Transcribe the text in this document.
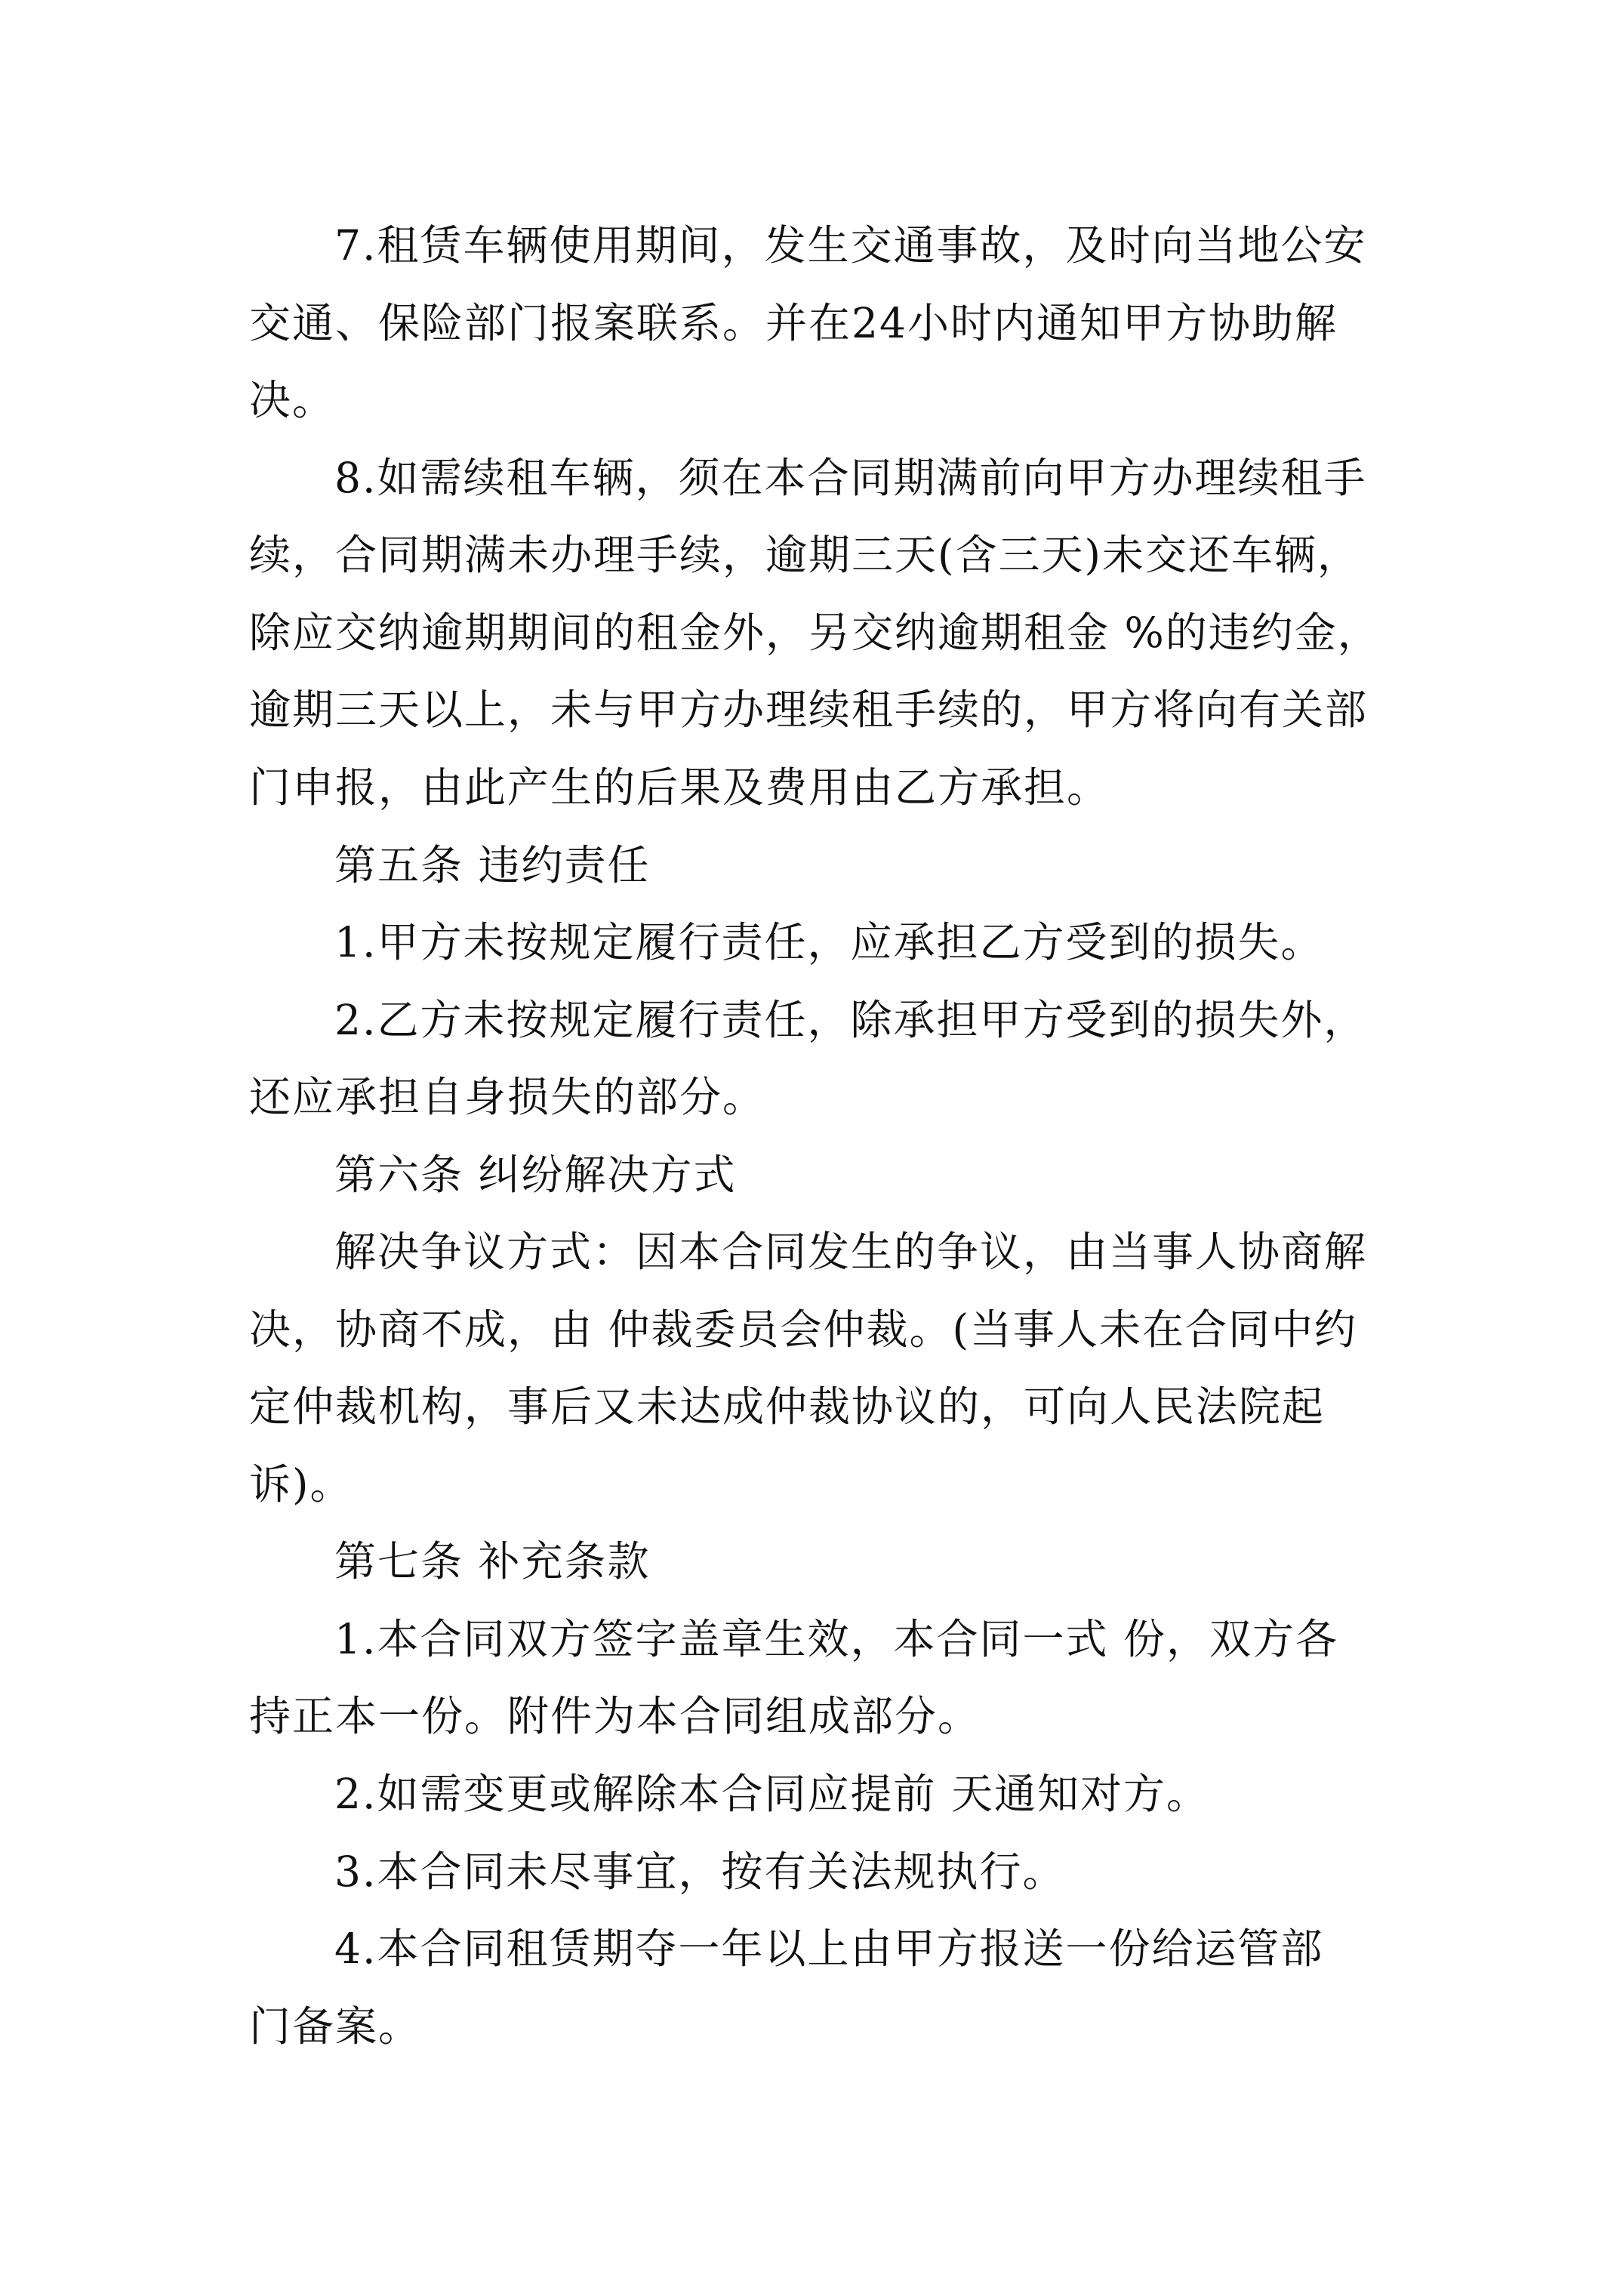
7.租赁车辆使用期间，发生交通事故，及时向当地公安
交通、保险部门报案联系。并在24小时内通知甲方协助解
决。
8.如需续租车辆，须在本合同期满前向甲方办理续租手
续，合同期满未办理手续，逾期三天(含三天)未交还车辆，
除应交纳逾期期间的租金外，另交纳逾期租金 %的违约金，
逾期三天以上，未与甲方办理续租手续的，甲方将向有关部
门申报，由此产生的后果及费用由乙方承担。
第五条 违约责任
1.甲方未按规定履行责任，应承担乙方受到的损失。
2.乙方未按规定履行责任，除承担甲方受到的损失外，
还应承担自身损失的部分。
第六条 纠纷解决方式
解决争议方式：因本合同发生的争议，由当事人协商解
决，协商不成，由 仲裁委员会仲裁。(当事人未在合同中约
定仲裁机构，事后又未达成仲裁协议的，可向人民法院起
诉)。
第七条 补充条款
1.本合同双方签字盖章生效，本合同一式 份，双方各
持正本一份。附件为本合同组成部分。
2.如需变更或解除本合同应提前 天通知对方。
3.本合同未尽事宜，按有关法规执行。
4.本合同租赁期夺一年以上由甲方报送一份给运管部
门备案。
